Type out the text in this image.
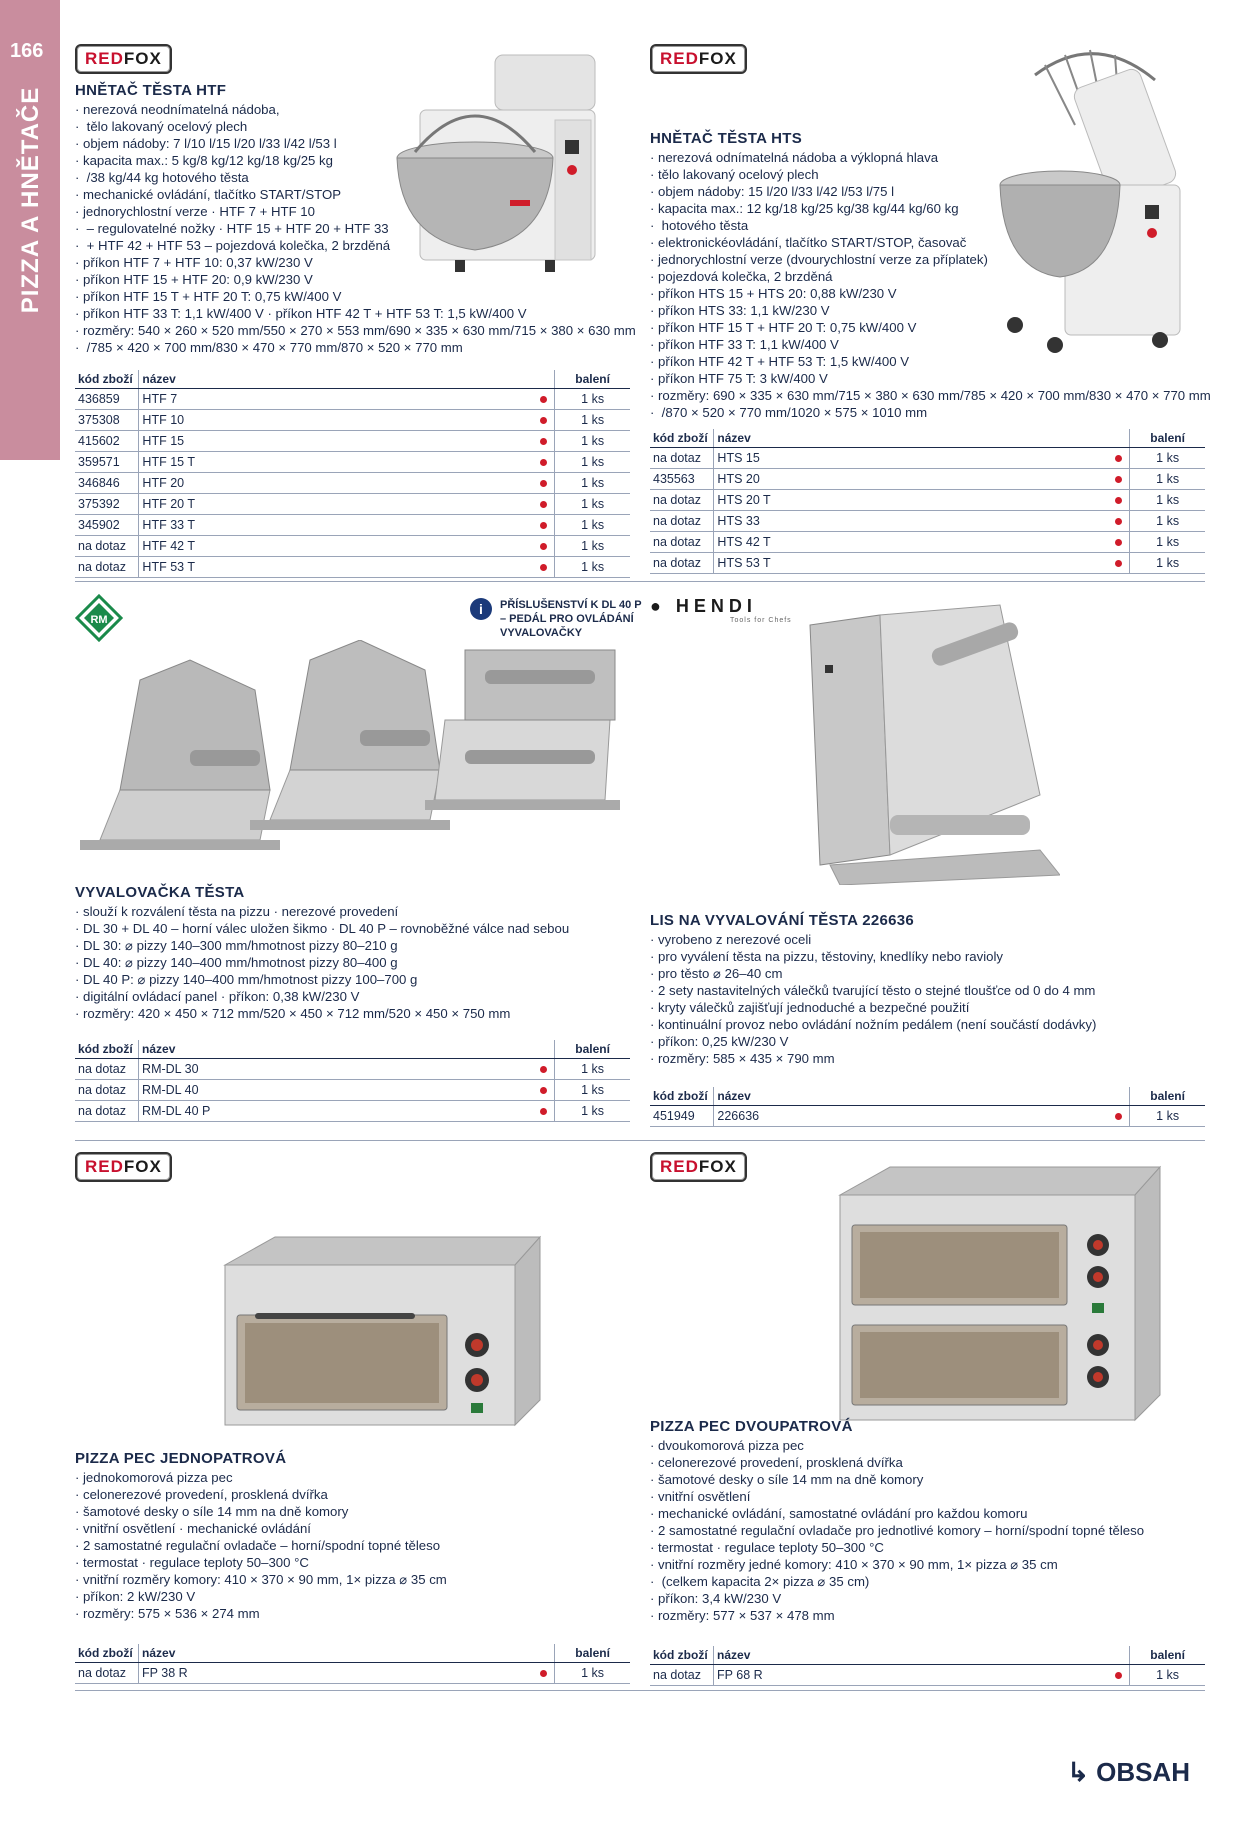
166
PIZZA A HNĚTAČE
REDFOX
HNĚTAČ TĚSTA HTF
· nerezová neodnímatelná nádoba,
·  tělo lakovaný ocelový plech
· objem nádoby: 7 l/10 l/15 l/20 l/33 l/42 l/53 l
· kapacita max.: 5 kg/8 kg/12 kg/18 kg/25 kg
·  /38 kg/44 kg hotového těsta
· mechanické ovládání, tlačítko START/STOP
· jednorychlostní verze · HTF 7 + HTF 10
·  – regulovatelné nožky · HTF 15 + HTF 20 + HTF 33
·  + HTF 42 + HTF 53 – pojezdová kolečka, 2 brzděná
· příkon HTF 7 + HTF 10: 0,37 kW/230 V
· příkon HTF 15 + HTF 20: 0,9 kW/230 V
· příkon HTF 15 T + HTF 20 T: 0,75 kW/400 V
· příkon HTF 33 T: 1,1 kW/400 V · příkon HTF 42 T + HTF 53 T: 1,5 kW/400 V
· rozměry: 540 × 260 × 520 mm/550 × 270 × 553 mm/690 × 335 × 630 mm/715 × 380 × 630 mm
·  /785 × 420 × 700 mm/830 × 470 × 770 mm/870 × 520 × 770 mm
kód zboží	název		balení
436859	HTF 7		1 ks
375308	HTF 10		1 ks
415602	HTF 15		1 ks
359571	HTF 15 T		1 ks
346846	HTF 20		1 ks
375392	HTF 20 T		1 ks
345902	HTF 33 T		1 ks
na dotaz	HTF 42 T		1 ks
na dotaz	HTF 53 T		1 ks
REDFOX
HNĚTAČ TĚSTA HTS
· nerezová odnímatelná nádoba a výklopná hlava
· tělo lakovaný ocelový plech
· objem nádoby: 15 l/20 l/33 l/42 l/53 l/75 l
· kapacita max.: 12 kg/18 kg/25 kg/38 kg/44 kg/60 kg
·  hotového těsta
· elektronickéovládání, tlačítko START/STOP, časovač
· jednorychlostní verze (dvourychlostní verze za příplatek)
· pojezdová kolečka, 2 brzděná
· příkon HTS 15 + HTS 20: 0,88 kW/230 V
· příkon HTS 33: 1,1 kW/230 V
· příkon HTF 15 T + HTF 20 T: 0,75 kW/400 V
· příkon HTF 33 T: 1,1 kW/400 V
· příkon HTF 42 T + HTF 53 T: 1,5 kW/400 V
· příkon HTF 75 T: 3 kW/400 V
· rozměry: 690 × 335 × 630 mm/715 × 380 × 630 mm/785 × 420 × 700 mm/830 × 470 × 770 mm
·  /870 × 520 × 770 mm/1020 × 575 × 1010 mm
kód zboží	název		balení
na dotaz	HTS 15		1 ks
435563	HTS 20		1 ks
na dotaz	HTS 20 T		1 ks
na dotaz	HTS 33		1 ks
na dotaz	HTS 42 T		1 ks
na dotaz	HTS 53 T		1 ks
RM
i PŘÍSLUŠENSTVÍ K DL 40 P
– PEDÁL PRO OVLÁDÁNÍ
VYVALOVAČKY
VYVALOVAČKA TĚSTA
· slouží k rozválení těsta na pizzu · nerezové provedení
· DL 30 + DL 40 – horní válec uložen šikmo · DL 40 P – rovnoběžné válce nad sebou
· DL 30: ⌀ pizzy 140–300 mm/hmotnost pizzy 80–210 g
· DL 40: ⌀ pizzy 140–400 mm/hmotnost pizzy 80–400 g
· DL 40 P: ⌀ pizzy 140–400 mm/hmotnost pizzy 100–700 g
· digitální ovládací panel · příkon: 0,38 kW/230 V
· rozměry: 420 × 450 × 712 mm/520 × 450 × 712 mm/520 × 450 × 750 mm
kód zboží	název		balení
na dotaz	RM-DL 30		1 ks
na dotaz	RM-DL 40		1 ks
na dotaz	RM-DL 40 P		1 ks
● HENDI
Tools for Chefs
LIS NA VYVALOVÁNÍ TĚSTA 226636
· vyrobeno z nerezové oceli
· pro vyválení těsta na pizzu, těstoviny, knedlíky nebo ravioly
· pro těsto ⌀ 26–40 cm
· 2 sety nastavitelných válečků tvarující těsto o stejné tloušťce od 0 do 4 mm
· kryty válečků zajišťují jednoduché a bezpečné použití
· kontinuální provoz nebo ovládání nožním pedálem (není součástí dodávky)
· příkon: 0,25 kW/230 V
· rozměry: 585 × 435 × 790 mm
kód zboží	název		balení
451949	226636		1 ks
REDFOX
PIZZA PEC JEDNOPATROVÁ
· jednokomorová pizza pec
· celonerezové provedení, prosklená dvířka
· šamotové desky o síle 14 mm na dně komory
· vnitřní osvětlení · mechanické ovládání
· 2 samostatné regulační ovladače – horní/spodní topné těleso
· termostat · regulace teploty 50–300 °C
· vnitřní rozměry komory: 410 × 370 × 90 mm, 1× pizza ⌀ 35 cm
· příkon: 2 kW/230 V
· rozměry: 575 × 536 × 274 mm
kód zboží	název		balení
na dotaz	FP 38 R		1 ks
REDFOX
PIZZA PEC DVOUPATROVÁ
· dvoukomorová pizza pec
· celonerezové provedení, prosklená dvířka
· šamotové desky o síle 14 mm na dně komory
· vnitřní osvětlení
· mechanické ovládání, samostatné ovládání pro každou komoru
· 2 samostatné regulační ovladače pro jednotlivé komory – horní/spodní topné těleso
· termostat · regulace teploty 50–300 °C
· vnitřní rozměry jedné komory: 410 × 370 × 90 mm, 1× pizza ⌀ 35 cm
·  (celkem kapacita 2× pizza ⌀ 35 cm)
· příkon: 3,4 kW/230 V
· rozměry: 577 × 537 × 478 mm
kód zboží	název		balení
na dotaz	FP 68 R		1 ks
↳ OBSAH
